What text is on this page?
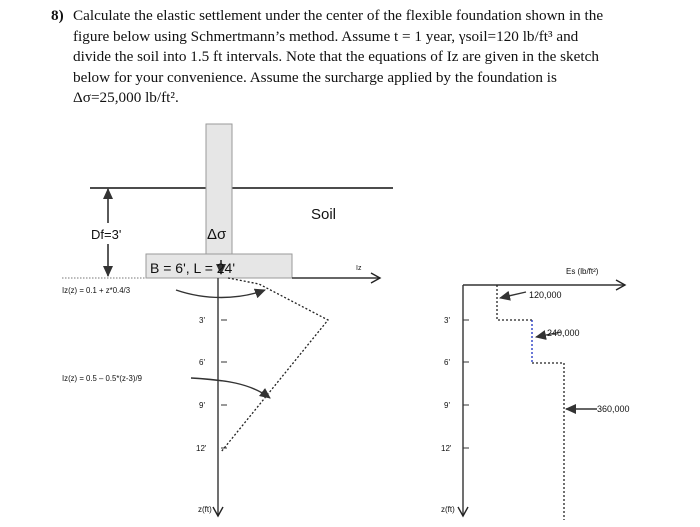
8) Calculate the elastic settlement under the center of the flexible foundation shown in the
figure below using Schmertmann’s method. Assume t = 1 year, γsoil=120 lb/ft³ and
divide the soil into 1.5 ft intervals. Note that the equations of Iz are given in the sketch
below for your convenience. Assume the surcharge applied by the foundation is
Δσ=25,000 lb/ft².
Soil
Df=3'	Δσ
B = 6', L = 24'	Iz
Iz(z) = 0.1 + z*0.4/3
Iz(z) = 0.5 – 0.5*(z-3)/9
3'
6'
9'
12'
z(ft)
Es (lb/ft²)
120,000
240,000
360,000
3'
6'
9'
12'
z(ft)
